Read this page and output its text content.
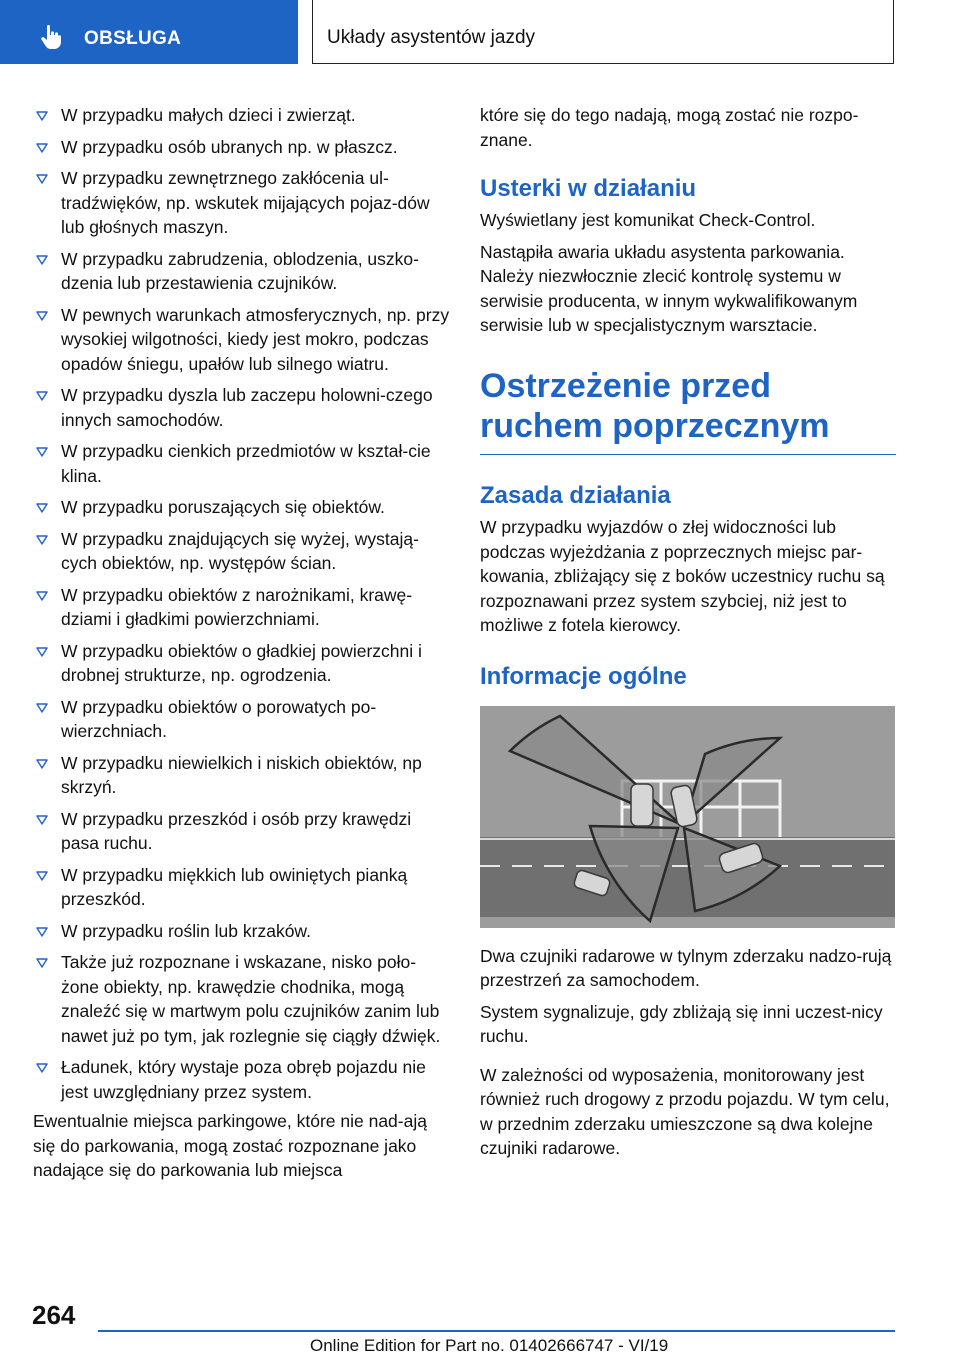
OBSŁUGA	Układy asystentów jazdy
W przypadku małych dzieci i zwierząt.
W przypadku osób ubranych np. w płaszcz.
W przypadku zewnętrznego zakłócenia ul-tradźwięków, np. wskutek mijających pojaz-dów lub głośnych maszyn.
W przypadku zabrudzenia, oblodzenia, uszko-dzenia lub przestawienia czujników.
W pewnych warunkach atmosferycznych, np. przy wysokiej wilgotności, kiedy jest mokro, podczas opadów śniegu, upałów lub silnego wiatru.
W przypadku dyszla lub zaczepu holowni-czego innych samochodów.
W przypadku cienkich przedmiotów w kształ-cie klina.
W przypadku poruszających się obiektów.
W przypadku znajdujących się wyżej, wystają-cych obiektów, np. występów ścian.
W przypadku obiektów z narożnikami, krawę-dziami i gładkimi powierzchniami.
W przypadku obiektów o gładkiej powierzchni i drobnej strukturze, np. ogrodzenia.
W przypadku obiektów o porowatych po-wierzchniach.
W przypadku niewielkich i niskich obiektów, np skrzyń.
W przypadku przeszkód i osób przy krawędzi pasa ruchu.
W przypadku miękkich lub owiniętych pianką przeszkód.
W przypadku roślin lub krzaków.
Także już rozpoznane i wskazane, nisko poło-żone obiekty, np. krawędzie chodnika, mogą znaleźć się w martwym polu czujników zanim lub nawet już po tym, jak rozlegnie się ciągły dźwięk.
Ładunek, który wystaje poza obręb pojazdu nie jest uwzględniany przez system.

Ewentualnie miejsca parkingowe, które nie nad-ają się do parkowania, mogą zostać rozpoznane jako nadające się do parkowania lub miejsca

które się do tego nadają, mogą zostać nie rozpo-znane.

Usterki w działaniu

Wyświetlany jest komunikat Check-Control.

Nastąpiła awaria układu asystenta parkowania. Należy niezwłocznie zlecić kontrolę systemu w serwisie producenta, w innym wykwalifikowanym serwisie lub w specjalistycznym warsztacie.

Ostrzeżenie przed ruchem poprzecznym
Zasada działania

W przypadku wyjazdów o złej widoczności lub podczas wyjeżdżania z poprzecznych miejsc par-kowania, zbliżający się z boków uczestnicy ruchu są rozpoznawani przez system szybciej, niż jest to możliwe z fotela kierowcy.

Informacje ogólne

Dwa czujniki radarowe w tylnym zderzaku nadzo-rują przestrzeń za samochodem.

System sygnalizuje, gdy zbliżają się inni uczest-nicy ruchu.

W zależności od wyposażenia, monitorowany jest również ruch drogowy z przodu pojazdu. W tym celu, w przednim zderzaku umieszczone są dwa kolejne czujniki radarowe.

264
Online Edition for Part no. 01402666747 - VI/19
